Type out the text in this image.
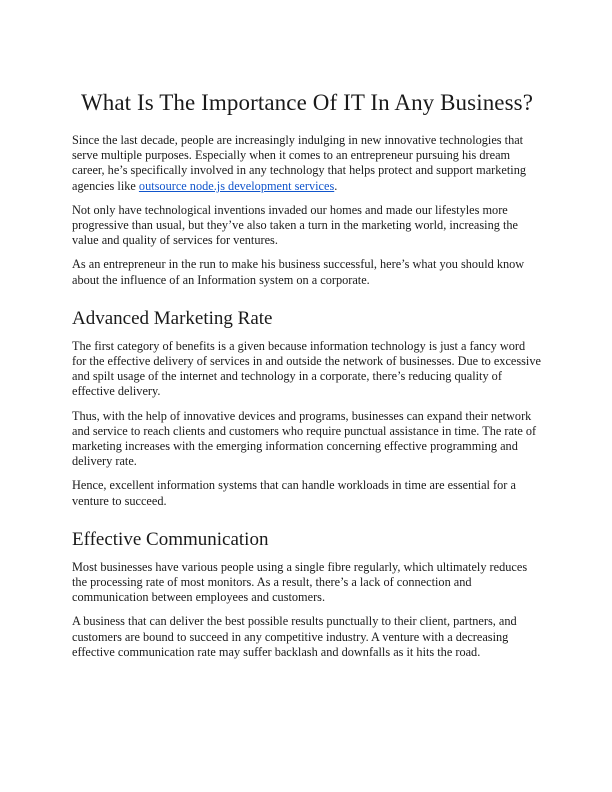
What Is The Importance Of IT In Any Business?

Since the last decade, people are increasingly indulging in new innovative technologies that serve multiple purposes. Especially when it comes to an entrepreneur pursuing his dream career, he’s specifically involved in any technology that helps protect and support marketing agencies like outsource node.js development services.

Not only have technological inventions invaded our homes and made our lifestyles more progressive than usual, but they’ve also taken a turn in the marketing world, increasing the value and quality of services for ventures.

As an entrepreneur in the run to make his business successful, here’s what you should know about the influence of an Information system on a corporate.

Advanced Marketing Rate

The first category of benefits is a given because information technology is just a fancy word for the effective delivery of services in and outside the network of businesses. Due to excessive and spilt usage of the internet and technology in a corporate, there’s reducing quality of effective delivery.

Thus, with the help of innovative devices and programs, businesses can expand their network and service to reach clients and customers who require punctual assistance in time. The rate of marketing increases with the emerging information concerning effective programming and delivery rate.

Hence, excellent information systems that can handle workloads in time are essential for a venture to succeed.

Effective Communication

Most businesses have various people using a single fibre regularly, which ultimately reduces the processing rate of most monitors. As a result, there’s a lack of connection and communication between employees and customers.

A business that can deliver the best possible results punctually to their client, partners, and customers are bound to succeed in any competitive industry. A venture with a decreasing effective communication rate may suffer backlash and downfalls as it hits the road.
